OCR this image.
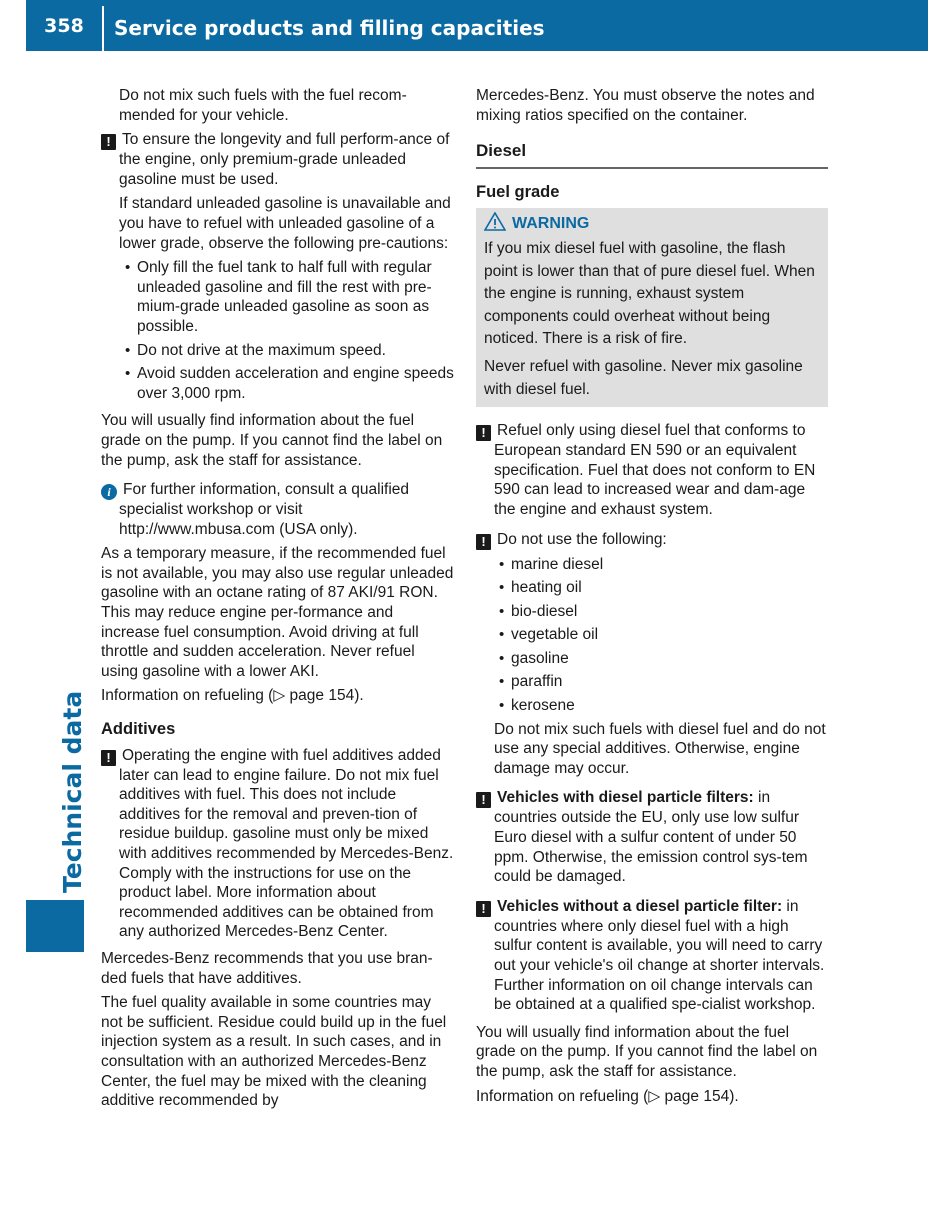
358	Service products and filling capacities
Technical data

Do not mix such fuels with the fuel recom-mended for your vehicle.

! To ensure the longevity and full perform-ance of the engine, only premium-grade unleaded gasoline must be used.

If standard unleaded gasoline is unavailable and you have to refuel with unleaded gasoline of a lower grade, observe the following pre-cautions:

• Only fill the fuel tank to half full with regular unleaded gasoline and fill the rest with pre-mium-grade unleaded gasoline as soon as possible.
• Do not drive at the maximum speed.
• Avoid sudden acceleration and engine speeds over 3,000 rpm.

You will usually find information about the fuel grade on the pump. If you cannot find the label on the pump, ask the staff for assistance.

i For further information, consult a qualified specialist workshop or visit http://www.mbusa.com (USA only).

As a temporary measure, if the recommended fuel is not available, you may also use regular unleaded gasoline with an octane rating of 87 AKI/91 RON. This may reduce engine per-formance and increase fuel consumption. Avoid driving at full throttle and sudden acceleration. Never refuel using gasoline with a lower AKI.

Information on refueling (▷ page 154).

Additives
! Operating the engine with fuel additives added later can lead to engine failure. Do not mix fuel additives with fuel. This does not include additives for the removal and preven-tion of residue buildup. gasoline must only be mixed with additives recommended by Mercedes-Benz. Comply with the instructions for use on the product label. More information about recommended additives can be obtained from any authorized Mercedes-Benz Center.

Mercedes-Benz recommends that you use bran-ded fuels that have additives.

The fuel quality available in some countries may not be sufficient. Residue could build up in the fuel injection system as a result. In such cases, and in consultation with an authorized Mercedes-Benz Center, the fuel may be mixed with the cleaning additive recommended by

Mercedes-Benz. You must observe the notes and mixing ratios specified on the container.

Diesel
Fuel grade
WARNING

If you mix diesel fuel with gasoline, the flash point is lower than that of pure diesel fuel. When the engine is running, exhaust system components could overheat without being noticed. There is a risk of fire.

Never refuel with gasoline. Never mix gasoline with diesel fuel.

! Refuel only using diesel fuel that conforms to European standard EN 590 or an equivalent specification. Fuel that does not conform to EN 590 can lead to increased wear and dam-age the engine and exhaust system.
! Do not use the following:
• marine diesel
• heating oil
• bio-diesel
• vegetable oil
• gasoline
• paraffin
• kerosene

Do not mix such fuels with diesel fuel and do not use any special additives. Otherwise, engine damage may occur.

! Vehicles with diesel particle filters: in countries outside the EU, only use low sulfur Euro diesel with a sulfur content of under 50 ppm. Otherwise, the emission control sys-tem could be damaged.
! Vehicles without a diesel particle filter: in countries where only diesel fuel with a high sulfur content is available, you will need to carry out your vehicle's oil change at shorter intervals. Further information on oil change intervals can be obtained at a qualified spe-cialist workshop.

You will usually find information about the fuel grade on the pump. If you cannot find the label on the pump, ask the staff for assistance.

Information on refueling (▷ page 154).
